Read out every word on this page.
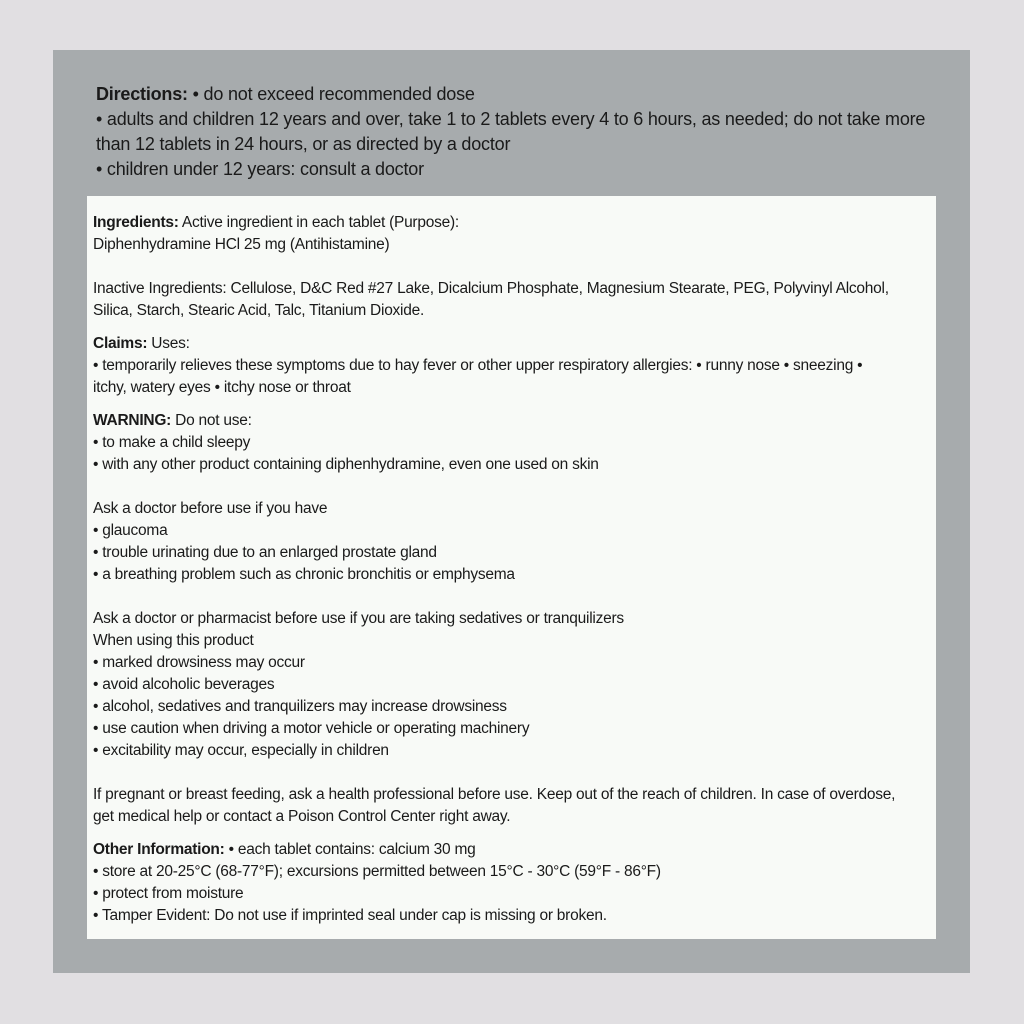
Directions: • do not exceed recommended dose
• adults and children 12 years and over, take 1 to 2 tablets every 4 to 6 hours, as needed; do not take more
than 12 tablets in 24 hours, or as directed by a doctor
• children under 12 years: consult a doctor
Ingredients: Active ingredient in each tablet (Purpose):
Diphenhydramine HCl 25 mg (Antihistamine)
Inactive Ingredients: Cellulose, D&C Red #27 Lake, Dicalcium Phosphate, Magnesium Stearate, PEG, Polyvinyl Alcohol,
Silica, Starch, Stearic Acid, Talc, Titanium Dioxide.
Claims: Uses:
• temporarily relieves these symptoms due to hay fever or other upper respiratory allergies: • runny nose • sneezing •
itchy, watery eyes • itchy nose or throat
WARNING: Do not use:
• to make a child sleepy
• with any other product containing diphenhydramine, even one used on skin
Ask a doctor before use if you have
• glaucoma
• trouble urinating due to an enlarged prostate gland
• a breathing problem such as chronic bronchitis or emphysema
Ask a doctor or pharmacist before use if you are taking sedatives or tranquilizers
When using this product
• marked drowsiness may occur
• avoid alcoholic beverages
• alcohol, sedatives and tranquilizers may increase drowsiness
• use caution when driving a motor vehicle or operating machinery
• excitability may occur, especially in children
If pregnant or breast feeding, ask a health professional before use. Keep out of the reach of children. In case of overdose,
get medical help or contact a Poison Control Center right away.
Other Information: • each tablet contains: calcium 30 mg
• store at 20-25°C (68-77°F); excursions permitted between 15°C - 30°C (59°F - 86°F)
• protect from moisture
• Tamper Evident: Do not use if imprinted seal under cap is missing or broken.
